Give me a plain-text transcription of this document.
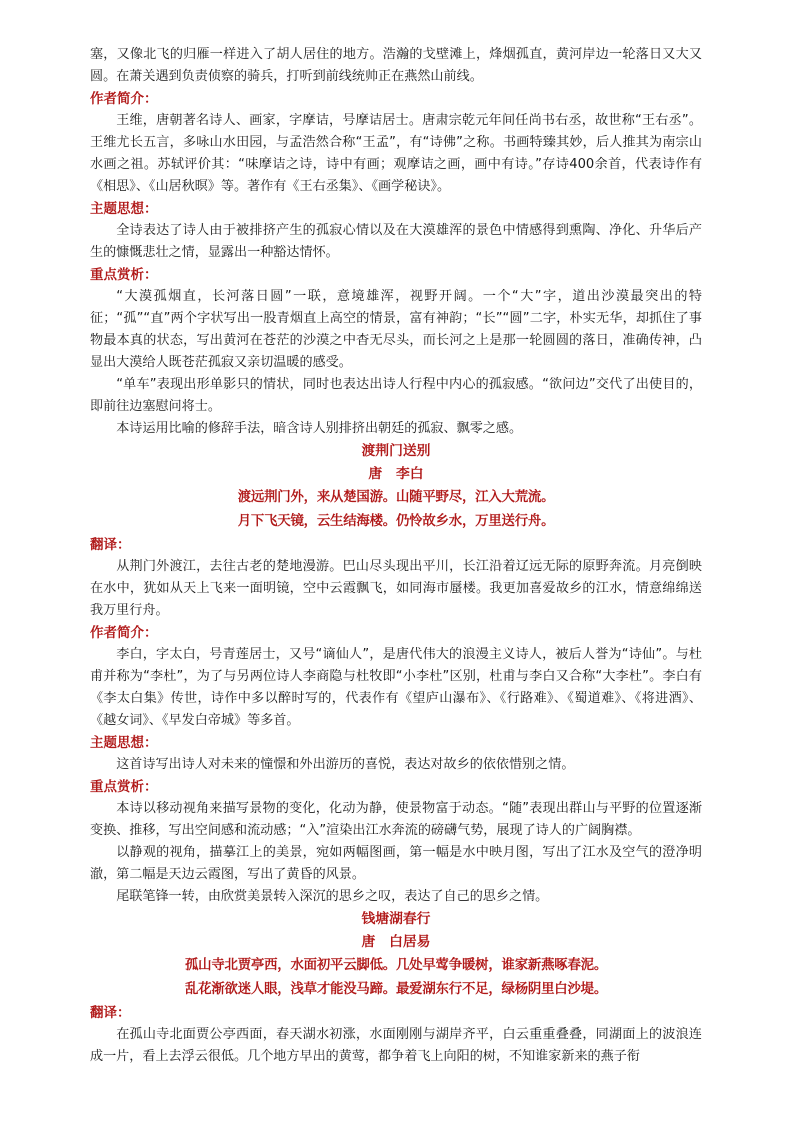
塞，又像北飞的归雁一样进入了胡人居住的地方。浩瀚的戈壁滩上，烽烟孤直，黄河岸边一轮落日又大又圆。在萧关遇到负责侦察的骑兵，打听到前线统帅正在燕然山前线。

作者简介：

王维，唐朝著名诗人、画家，字摩诘，号摩诘居士。唐肃宗乾元年间任尚书右丞，故世称“王右丞”。王维尤长五言，多咏山水田园，与孟浩然合称“王孟”，有“诗佛”之称。书画特臻其妙，后人推其为南宗山水画之祖。苏轼评价其：“味摩诘之诗，诗中有画；观摩诘之画，画中有诗。”存诗400余首，代表诗作有《相思》、《山居秋暝》等。著作有《王右丞集》、《画学秘诀》。

主题思想：

全诗表达了诗人由于被排挤产生的孤寂心情以及在大漠雄浑的景色中情感得到熏陶、净化、升华后产生的慷慨悲壮之情，显露出一种豁达情怀。

重点赏析：

“大漠孤烟直，长河落日圆”一联，意境雄浑，视野开阔。一个“大”字，道出沙漠最突出的特征；“孤”“直”两个字状写出一股青烟直上高空的情景，富有神韵；“长”“圆”二字，朴实无华，却抓住了事物最本真的状态，写出黄河在苍茫的沙漠之中杳无尽头，而长河之上是那一轮圆圆的落日，准确传神，凸显出大漠给人既苍茫孤寂又亲切温暖的感受。

“单车”表现出形单影只的情状，同时也表达出诗人行程中内心的孤寂感。“欲问边”交代了出使目的，即前往边塞慰问将士。

本诗运用比喻的修辞手法，暗含诗人别排挤出朝廷的孤寂、飘零之感。

渡荆门送别
唐　李白
渡远荆门外，来从楚国游。山随平野尽，江入大荒流。
月下飞天镜，云生结海楼。仍怜故乡水，万里送行舟。
翻译：

从荆门外渡江，去往古老的楚地漫游。巴山尽头现出平川，长江沿着辽远无际的原野奔流。月亮倒映在水中，犹如从天上飞来一面明镜，空中云霞飘飞，如同海市蜃楼。我更加喜爱故乡的江水，情意绵绵送我万里行舟。

作者简介：

李白，字太白，号青莲居士，又号“谪仙人”，是唐代伟大的浪漫主义诗人，被后人誉为“诗仙”。与杜甫并称为“李杜”，为了与另两位诗人李商隐与杜牧即“小李杜”区别，杜甫与李白又合称“大李杜”。李白有《李太白集》传世，诗作中多以醉时写的，代表作有《望庐山瀑布》、《行路难》、《蜀道难》、《将进酒》、《越女词》、《早发白帝城》等多首。

主题思想：

这首诗写出诗人对未来的憧憬和外出游历的喜悦，表达对故乡的依依惜别之情。

重点赏析：

本诗以移动视角来描写景物的变化，化动为静，使景物富于动态。“随”表现出群山与平野的位置逐渐变换、推移，写出空间感和流动感；“入”渲染出江水奔流的磅礴气势，展现了诗人的广阔胸襟。

以静观的视角，描摹江上的美景，宛如两幅图画，第一幅是水中映月图，写出了江水及空气的澄净明澈，第二幅是天边云霞图，写出了黄昏的风景。

尾联笔锋一转，由欣赏美景转入深沉的思乡之叹，表达了自己的思乡之情。

钱塘湖春行
唐　白居易
孤山寺北贾亭西，水面初平云脚低。几处早莺争暖树，谁家新燕啄春泥。
乱花渐欲迷人眼，浅草才能没马蹄。最爱湖东行不足，绿杨阴里白沙堤。
翻译：

在孤山寺北面贾公亭西面，春天湖水初涨，水面刚刚与湖岸齐平，白云重重叠叠，同湖面上的波浪连成一片，看上去浮云很低。几个地方早出的黄莺，都争着飞上向阳的树，不知谁家新来的燕子衔
